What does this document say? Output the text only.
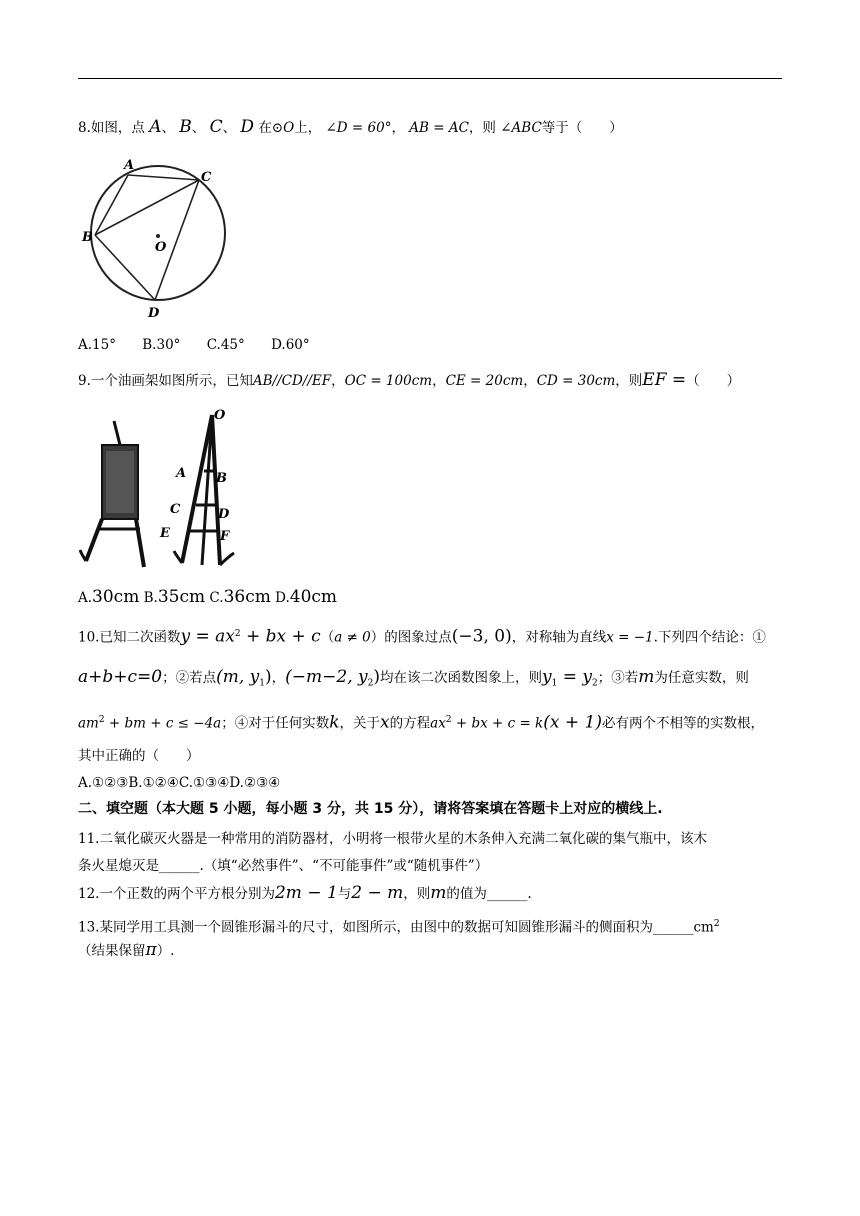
8.如图，点 A、 B、 C、 D 在⊙O上， ∠D = 60°， AB = AC，则 ∠ABC等于（　　）
A
B
C
D
O
A.15° B.30° C.45° D.60°
9.一个油画架如图所示，已知AB//CD//EF，OC = 100cm，CE = 20cm，CD = 30cm，则EF =（　　）
O
A B
C	D
E	F
A.30cm B.35cm C.36cm D.40cm
10.已知二次函数$y = ax^2$ + bx + c（a ≠ 0）的图象过点(−3, 0)，对称轴为直线x = −1.下列四个结论：①
a+b+c=0；②若点(m, $y_1$)，(−m−2, $y_2$)均在该二次函数图象上，则$y_1 = y_2$；③若m为任意实数，则
$am^2$ + bm + c ≤ −4a；④对于任何实数k，关于x的方程$ax^2$ + bx + c = k(x + 1)必有两个不相等的实数根，
其中正确的（　　）
A.①②③B.①②④C.①③④D.②③④
二、填空题（本大题 5 小题，每小题 3 分，共 15 分），请将答案填在答题卡上对应的横线上.
11.二氧化碳灭火器是一种常用的消防器材，小明将一根带火星的木条伸入充满二氧化碳的集气瓶中，该木
条火星熄灭是______.（填“必然事件”、“不可能事件”或“随机事件”）
12.一个正数的两个平方根分别为2m − 1与2 − m，则m的值为______.
13.某同学用工具测一个圆锥形漏斗的尺寸，如图所示，由图中的数据可知圆锥形漏斗的侧面积为$\_\_\_\_\_\_cm^2$
（结果保留π）.
